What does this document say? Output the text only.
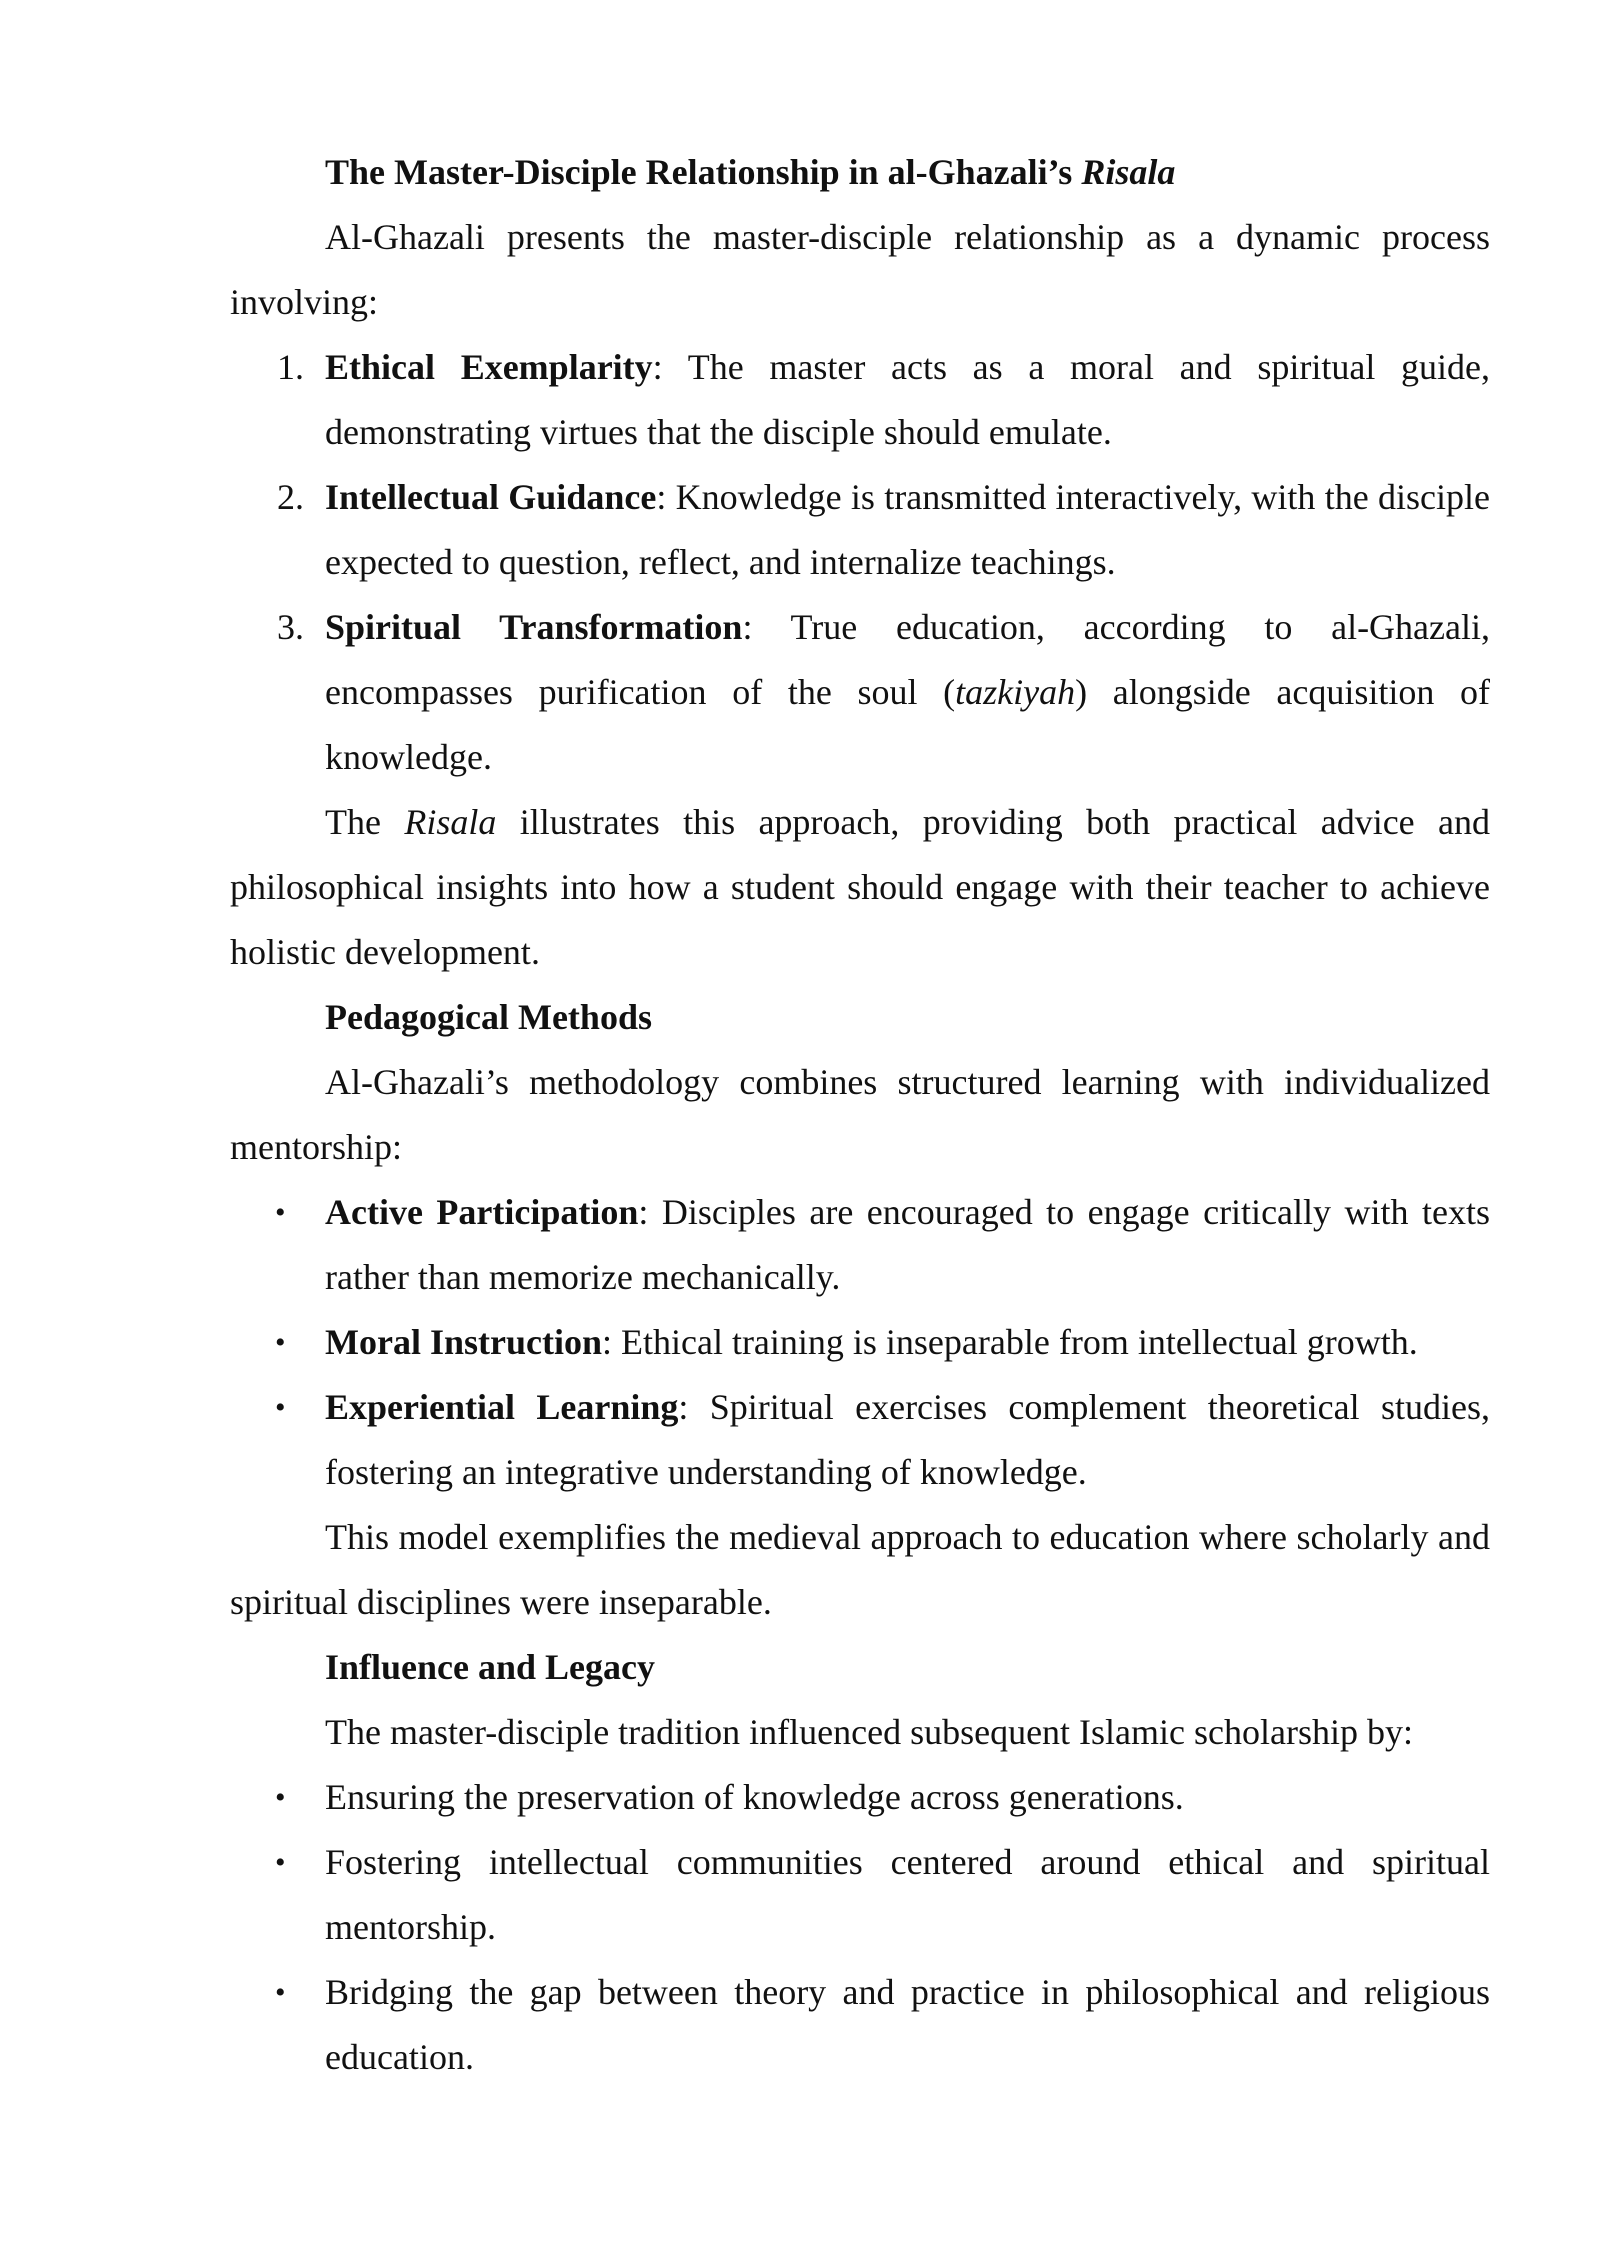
The Master-Disciple Relationship in al-Ghazali’s Risala
Al-Ghazali presents the master-disciple relationship as a dynamic process involving:
1. Ethical Exemplarity: The master acts as a moral and spiritual guide, demonstrating virtues that the disciple should emulate.
2. Intellectual Guidance: Knowledge is transmitted interactively, with the disciple expected to question, reflect, and internalize teachings.
3. Spiritual Transformation: True education, according to al-Ghazali, encompasses purification of the soul (tazkiyah) alongside acquisition of knowledge.
The Risala illustrates this approach, providing both practical advice and philosophical insights into how a student should engage with their teacher to achieve holistic development.
Pedagogical Methods
Al-Ghazali’s methodology combines structured learning with individualized mentorship:
• Active Participation: Disciples are encouraged to engage critically with texts rather than memorize mechanically.
• Moral Instruction: Ethical training is inseparable from intellectual growth.
• Experiential Learning: Spiritual exercises complement theoretical studies, fostering an integrative understanding of knowledge.
This model exemplifies the medieval approach to education where scholarly and spiritual disciplines were inseparable.
Influence and Legacy
The master-disciple tradition influenced subsequent Islamic scholarship by:
• Ensuring the preservation of knowledge across generations.
• Fostering intellectual communities centered around ethical and spiritual mentorship.
• Bridging the gap between theory and practice in philosophical and religious education.
